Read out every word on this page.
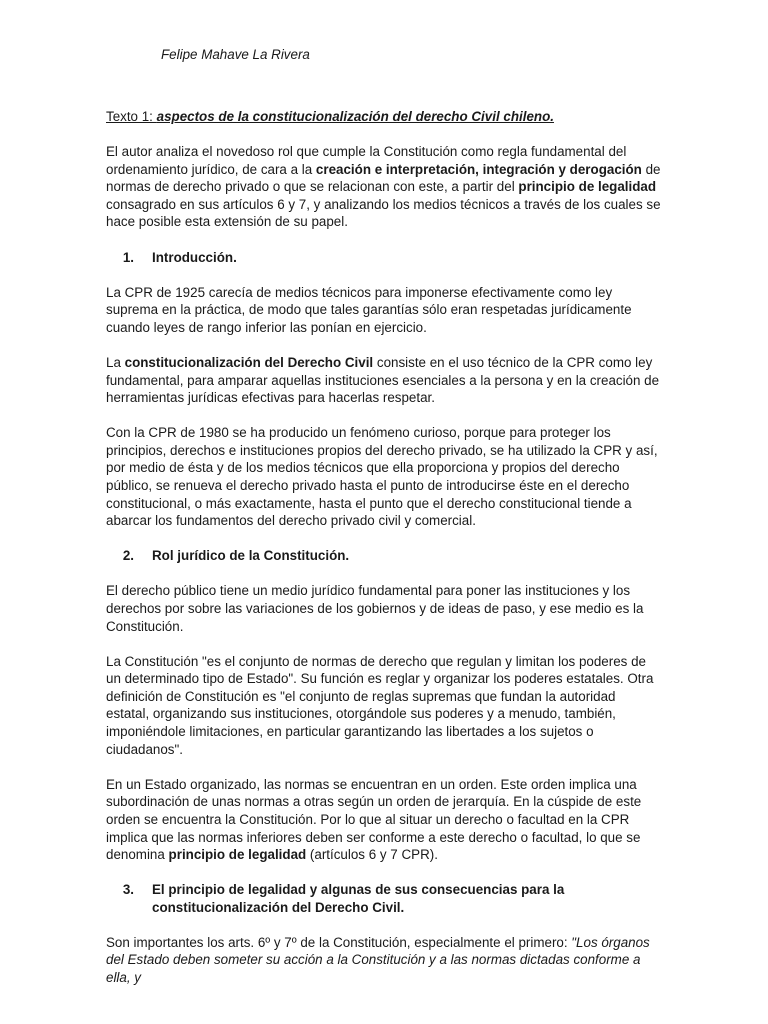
Felipe Mahave La Rivera

Texto 1: aspectos de la constitucionalización del derecho Civil chileno.

El autor analiza el novedoso rol que cumple la Constitución como regla fundamental del ordenamiento jurídico, de cara a la creación e interpretación, integración y derogación de normas de derecho privado o que se relacionan con este, a partir del principio de legalidad consagrado en sus artículos 6 y 7, y analizando los medios técnicos a través de los cuales se hace posible esta extensión de su papel.

1.	Introducción.

La CPR de 1925 carecía de medios técnicos para imponerse efectivamente como ley suprema en la práctica, de modo que tales garantías sólo eran respetadas jurídicamente cuando leyes de rango inferior las ponían en ejercicio.

La constitucionalización del Derecho Civil consiste en el uso técnico de la CPR como ley fundamental, para amparar aquellas instituciones esenciales a la persona y en la creación de herramientas jurídicas efectivas para hacerlas respetar.

Con la CPR de 1980 se ha producido un fenómeno curioso, porque para proteger los principios, derechos e instituciones propios del derecho privado, se ha utilizado la CPR y así, por medio de ésta y de los medios técnicos que ella proporciona y propios del derecho público, se renueva el derecho privado hasta el punto de introducirse éste en el derecho constitucional, o más exactamente, hasta el punto que el derecho constitucional tiende a abarcar los fundamentos del derecho privado civil y comercial.

2.	Rol jurídico de la Constitución.

El derecho público tiene un medio jurídico fundamental para poner las instituciones y los derechos por sobre las variaciones de los gobiernos y de ideas de paso, y ese medio es la Constitución.

La Constitución "es el conjunto de normas de derecho que regulan y limitan los poderes de un determinado tipo de Estado". Su función es reglar y organizar los poderes estatales. Otra definición de Constitución es "el conjunto de reglas supremas que fundan la autoridad estatal, organizando sus instituciones, otorgándole sus poderes y a menudo, también, imponiéndole limitaciones, en particular garantizando las libertades a los sujetos o ciudadanos".

En un Estado organizado, las normas se encuentran en un orden. Este orden implica una subordinación de unas normas a otras según un orden de jerarquía. En la cúspide de este orden se encuentra la Constitución. Por lo que al situar un derecho o facultad en la CPR implica que las normas inferiores deben ser conforme a este derecho o facultad, lo que se denomina principio de legalidad (artículos 6 y 7 CPR).

3.	El principio de legalidad y algunas de sus consecuencias para la constitucionalización del Derecho Civil.

Son importantes los arts. 6º y 7º de la Constitución, especialmente el primero: "Los órganos del Estado deben someter su acción a la Constitución y a las normas dictadas conforme a ella, y
